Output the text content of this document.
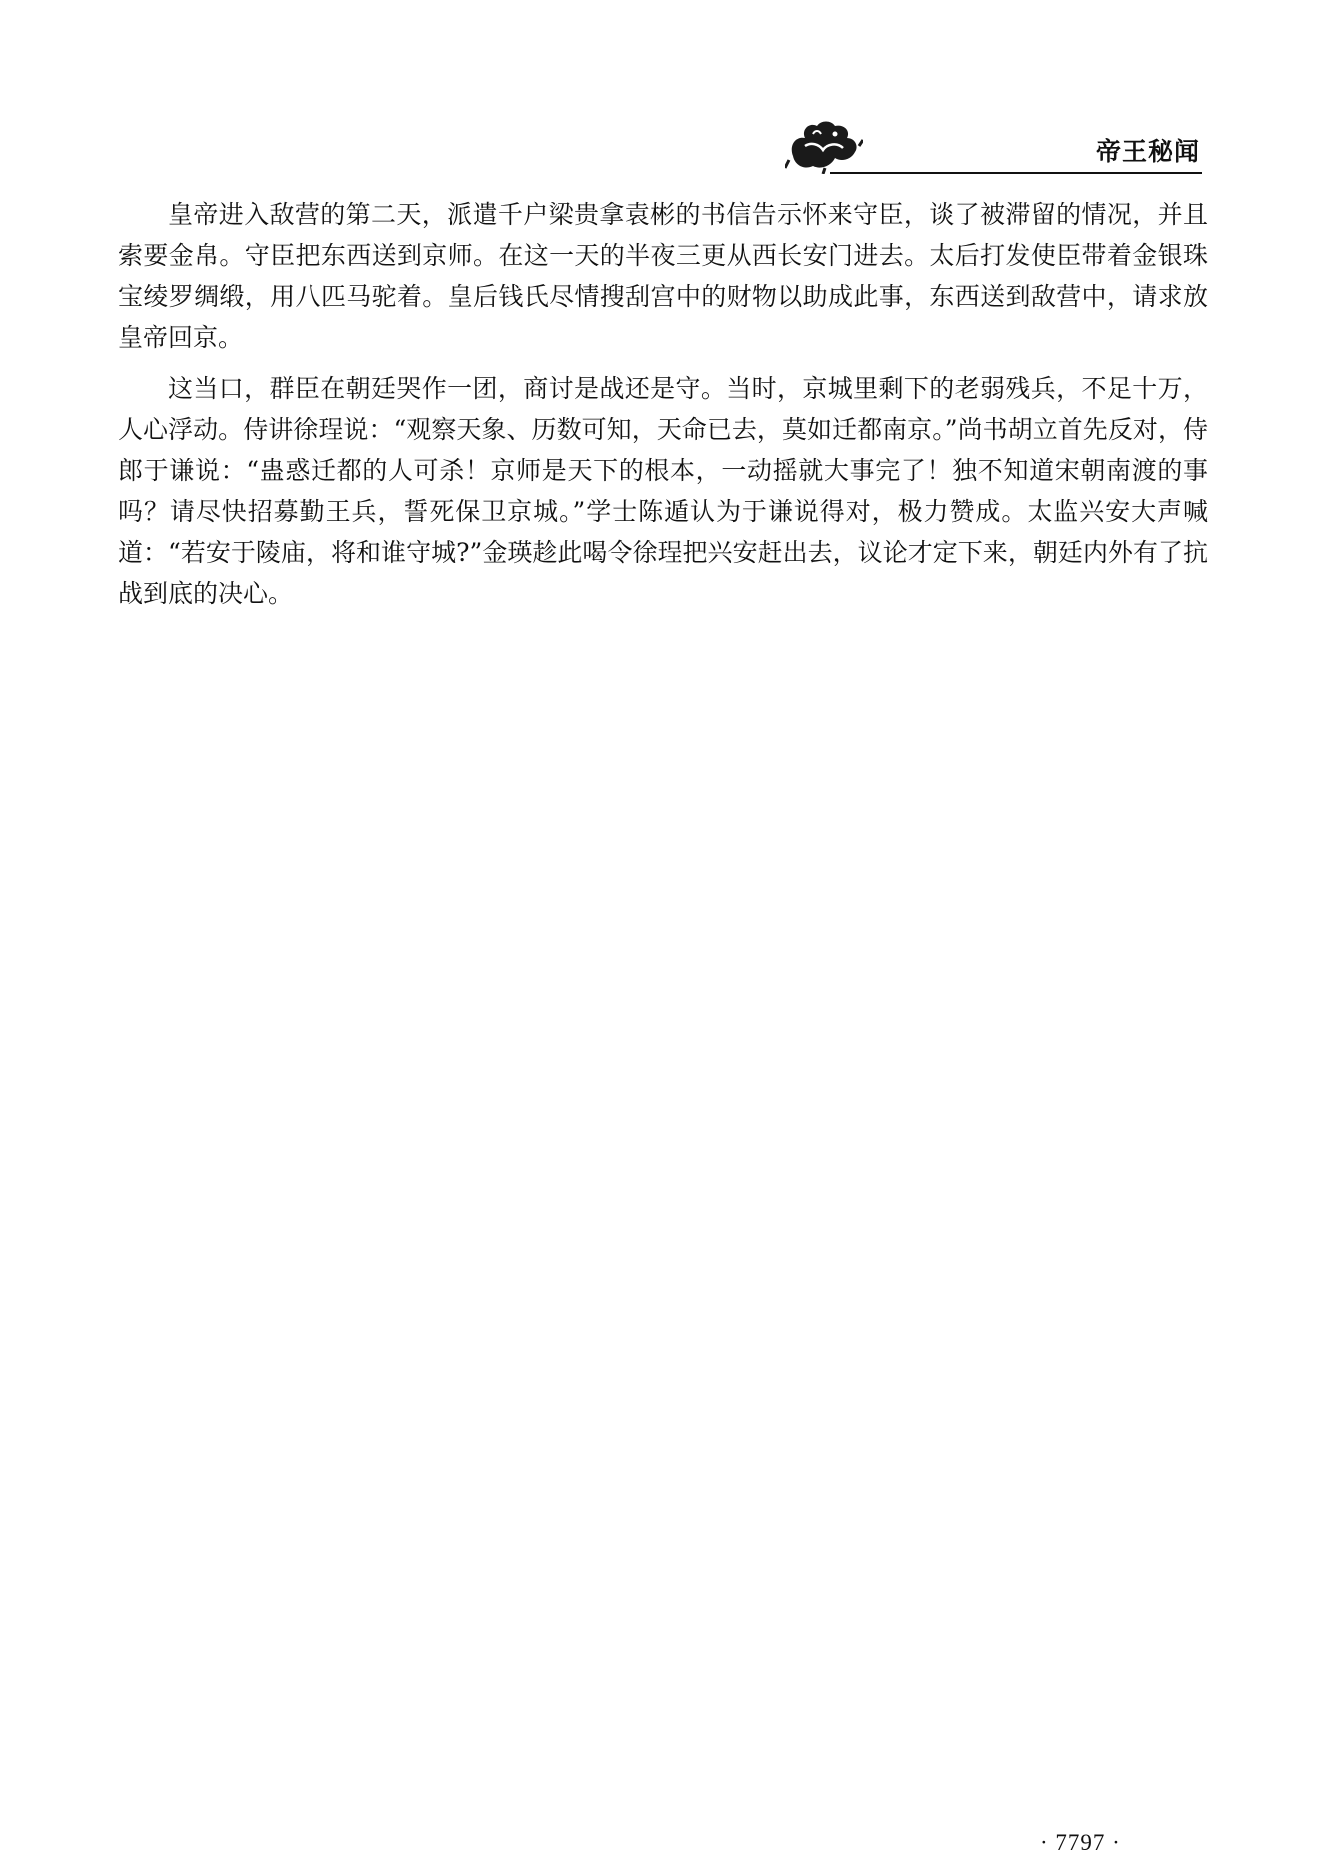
帝王秘闻

皇帝进入敌营的第二天，派遣千户梁贵拿袁彬的书信告示怀来守臣，谈了被滞留的情况，并且索要金帛。守臣把东西送到京师。在这一天的半夜三更从西长安门进去。太后打发使臣带着金银珠宝绫罗绸缎，用八匹马驼着。皇后钱氏尽情搜刮宫中的财物以助成此事，东西送到敌营中，请求放皇帝回京。

这当口，群臣在朝廷哭作一团，商讨是战还是守。当时，京城里剩下的老弱残兵，不足十万，人心浮动。侍讲徐珵说：“观察天象、历数可知，天命已去，莫如迁都南京。”尚书胡立首先反对，侍郎于谦说：“蛊惑迁都的人可杀！京师是天下的根本，一动摇就大事完了！独不知道宋朝南渡的事吗？请尽快招募勤王兵，誓死保卫京城。”学士陈遁认为于谦说得对，极力赞成。太监兴安大声喊道：“若安于陵庙，将和谁守城?”金瑛趁此喝令徐珵把兴安赶出去，议论才定下来，朝廷内外有了抗战到底的决心。

· 7797 ·
